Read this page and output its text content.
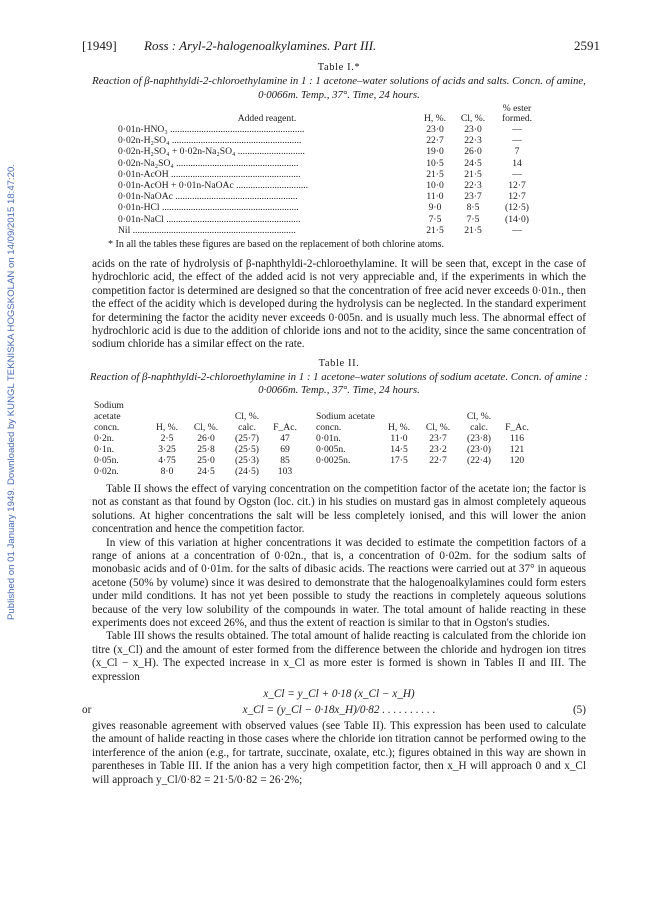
Published on 01 January 1949. Downloaded by KUNGL TEKNISKA HOGSKOLAN on 14/09/2015 18:47:20.
[1949] Ross : Aryl-2-halogenoalkylamines. Part III.	2591
Table I.*
Reaction of β-naphthyldi-2-chloroethylamine in 1 : 1 acetone–water solutions of acids and salts. Concn. of amine, 0·0066m. Temp., 37°. Time, 24 hours.
Added reagent.	H, %.	Cl, %.	% ester formed.
0·01n-HNO₃ ........................................................	23·0	23·0	—
0·02n-H₂SO₄ ......................................................	22·7	22·3	—
0·02n-H₂SO₄ + 0·02n-Na₂SO₄ ............................	19·0	26·0	7
0·02n-Na₂SO₄ ...................................................	10·5	24·5	14
0·01n-AcOH ......................................................	21·5	21·5	—
0·01n-AcOH + 0·01n-NaOAc ..............................	10·0	22·3	12·7
0·01n-NaOAc ...................................................	11·0	23·7	12·7
0·01n-HCl .........................................................	9·0	8·5	(12·5)
0·01n-NaCl ........................................................	7·5	7·5	(14·0)
Nil ....................................................................	21·5	21·5	—
* In all the tables these figures are based on the replacement of both chlorine atoms.

acids on the rate of hydrolysis of β-naphthyldi-2-chloroethylamine. It will be seen that, except in the case of hydrochloric acid, the effect of the added acid is not very appreciable and, if the experiments in which the competition factor is determined are designed so that the concentration of free acid never exceeds 0·01n., then the effect of the acidity which is developed during the hydrolysis can be neglected. In the standard experiment for determining the factor the acidity never exceeds 0·005n. and is usually much less. The abnormal effect of hydrochloric acid is due to the addition of chloride ions and not to the acidity, since the same concentration of sodium chloride has a similar effect on the rate.

Table II.
Reaction of β-naphthyldi-2-chloroethylamine in 1 : 1 acetone–water solutions of sodium acetate. Concn. of amine : 0·0066m. Temp., 37°. Time, 24 hours.
Sodium acetate concn.	H, %.	Cl, %.	Cl, %. calc.	F_Ac.	Sodium acetate concn.	H, %.	Cl, %.	Cl, %. calc.	F_Ac.
0·2n.	2·5	26·0	(25·7)	47	0·01n.	11·0	23·7	(23·8)	116
0·1n.	3·25	25·8	(25·5)	69	0·005n.	14·5	23·2	(23·0)	121
0·05n.	4·75	25·0	(25·3)	85	0·0025n.	17·5	22·7	(22·4)	120
0·02n.	8·0	24·5	(24·5)	103					

Table II shows the effect of varying concentration on the competition factor of the acetate ion; the factor is not as constant as that found by Ogston (loc. cit.) in his studies on mustard gas in almost completely aqueous solutions. At higher concentrations the salt will be less completely ionised, and this will lower the anion concentration and hence the competition factor.

In view of this variation at higher concentrations it was decided to estimate the competition factors of a range of anions at a concentration of 0·02n., that is, a concentration of 0·02m. for the sodium salts of monobasic acids and of 0·01m. for the salts of dibasic acids. The reactions were carried out at 37° in aqueous acetone (50% by volume) since it was desired to demonstrate that the halogenoalkylamines could form esters under mild conditions. It has not yet been possible to study the reactions in completely aqueous solutions because of the very low solubility of the compounds in water. The total amount of halide reacting in these experiments does not exceed 26%, and thus the extent of reaction is similar to that in Ogston's studies.

Table III shows the results obtained. The total amount of halide reacting is calculated from the chloride ion titre (x_Cl) and the amount of ester formed from the difference between the chloride and hydrogen ion titres (x_Cl − x_H). The expected increase in x_Cl as more ester is formed is shown in Tables II and III. The expression

x_Cl = y_Cl + 0·18 (x_Cl − x_H)
or	x_Cl = (y_Cl − 0·18x_H)/0·82 . . . . . . . . . .	(5)

gives reasonable agreement with observed values (see Table II). This expression has been used to calculate the amount of halide reacting in those cases where the chloride ion titration cannot be performed owing to the interference of the anion (e.g., for tartrate, succinate, oxalate, etc.); figures obtained in this way are shown in parentheses in Table III. If the anion has a very high competition factor, then x_H will approach 0 and x_Cl will approach y_Cl/0·82 = 21·5/0·82 = 26·2%;
